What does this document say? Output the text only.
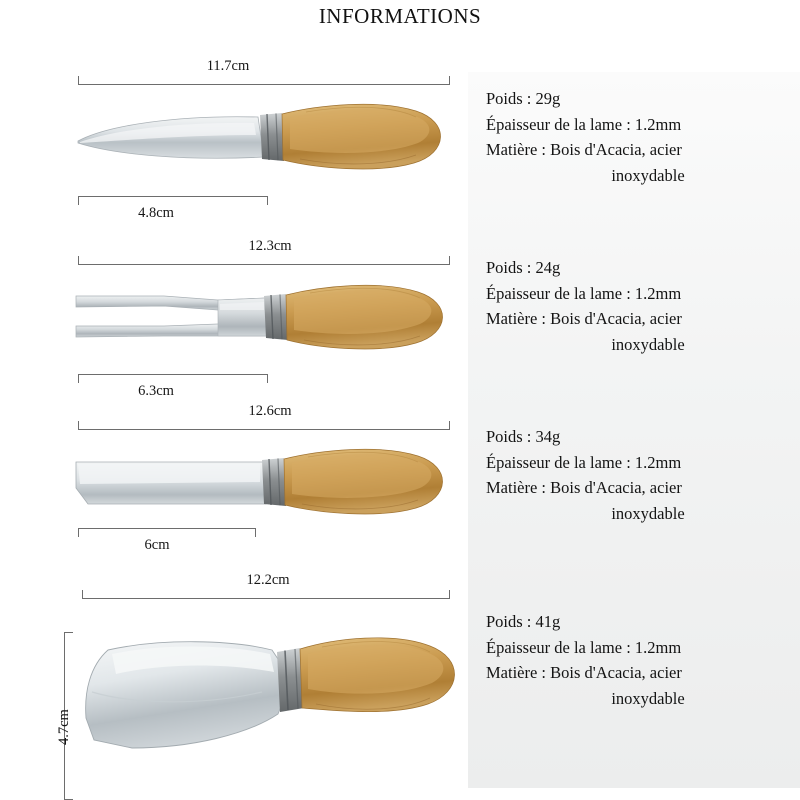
INFORMATIONS
Poids : 29g
Épaisseur de la lame : 1.2mm
Matière : Bois d'Acacia, acier
inoxydable
Poids : 24g
Épaisseur de la lame : 1.2mm
Matière : Bois d'Acacia, acier
inoxydable
Poids : 34g
Épaisseur de la lame : 1.2mm
Matière : Bois d'Acacia, acier
inoxydable
Poids : 41g
Épaisseur de la lame : 1.2mm
Matière : Bois d'Acacia, acier
inoxydable
11.7cm
4.8cm
12.3cm
6.3cm
12.6cm
6cm
12.2cm
4.7cm
